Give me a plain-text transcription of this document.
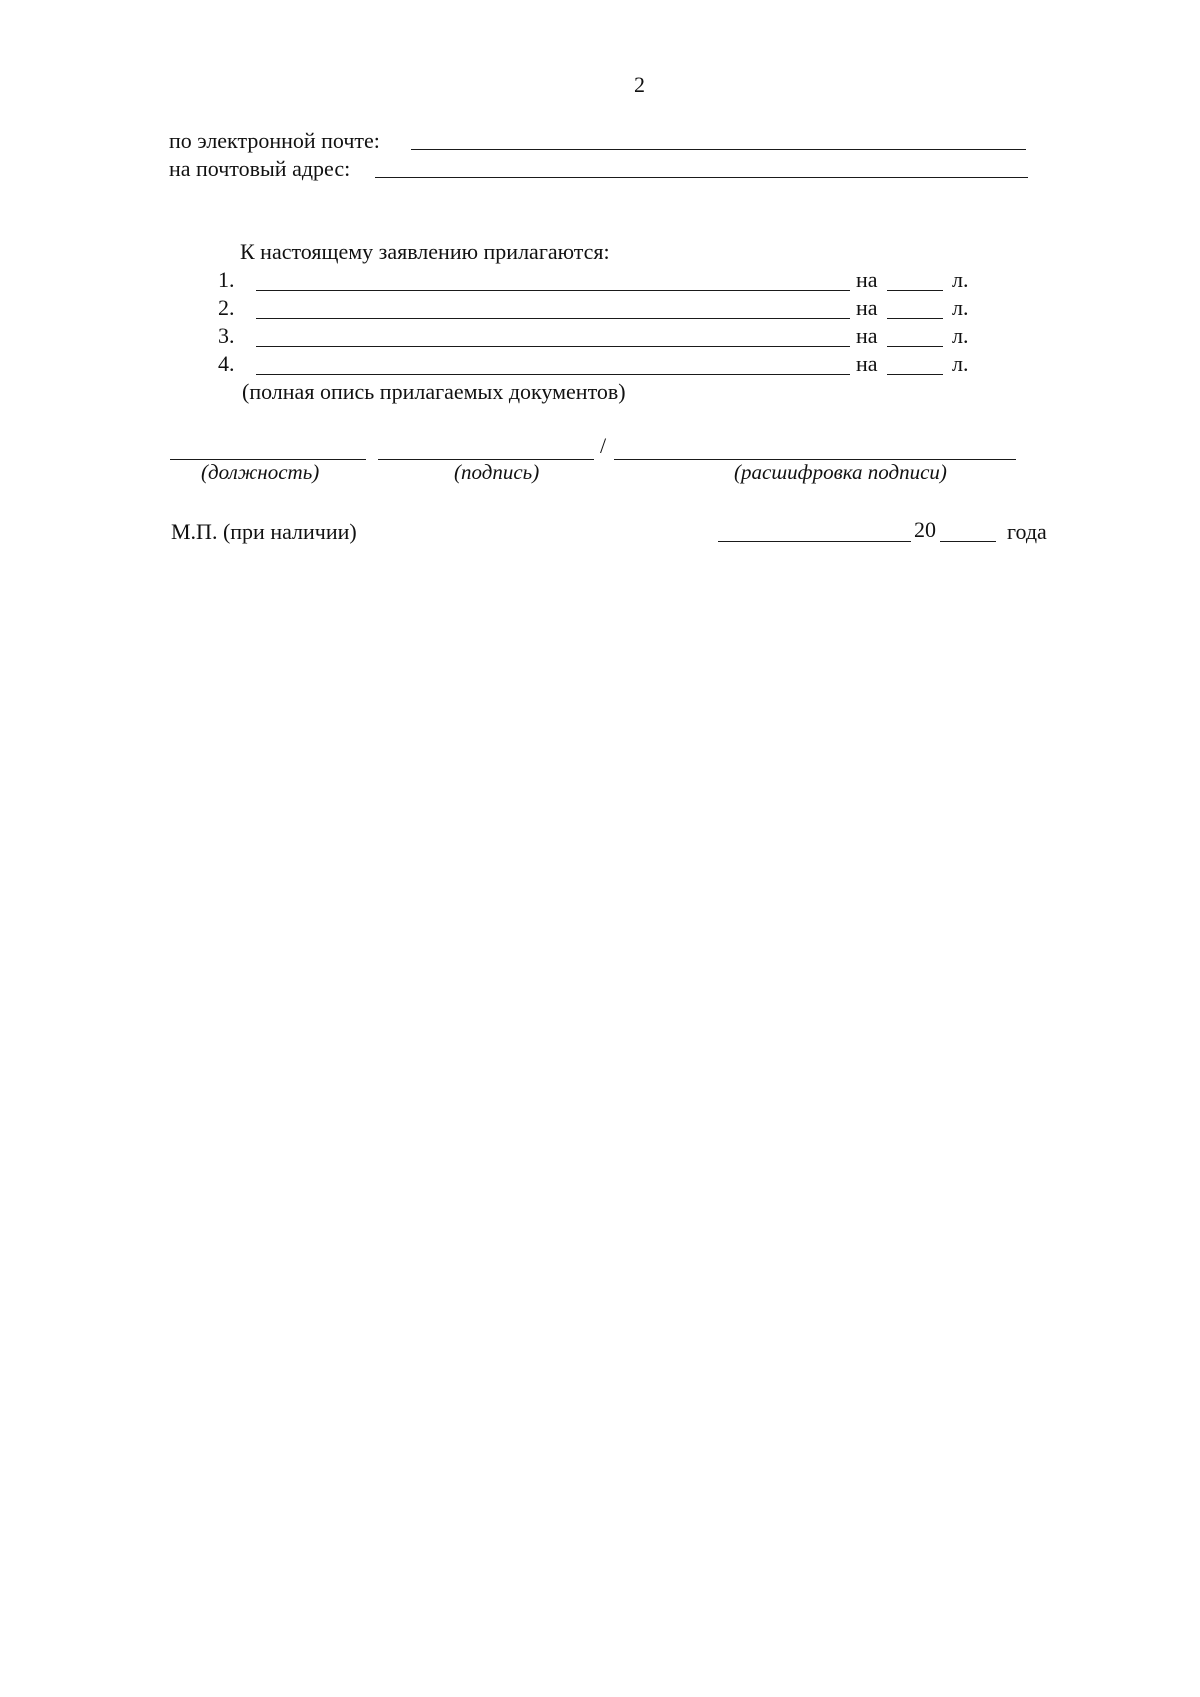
2
по электронной почте:
на почтовый адрес:
К настоящему заявлению прилагаются:
1.	на	л.
2.	на	л.
3.	на	л.
4.	на	л.
(полная опись прилагаемых документов)
/
(должность)	(подпись)	(расшифровка подписи)
М.П. (при наличии)	20	года
